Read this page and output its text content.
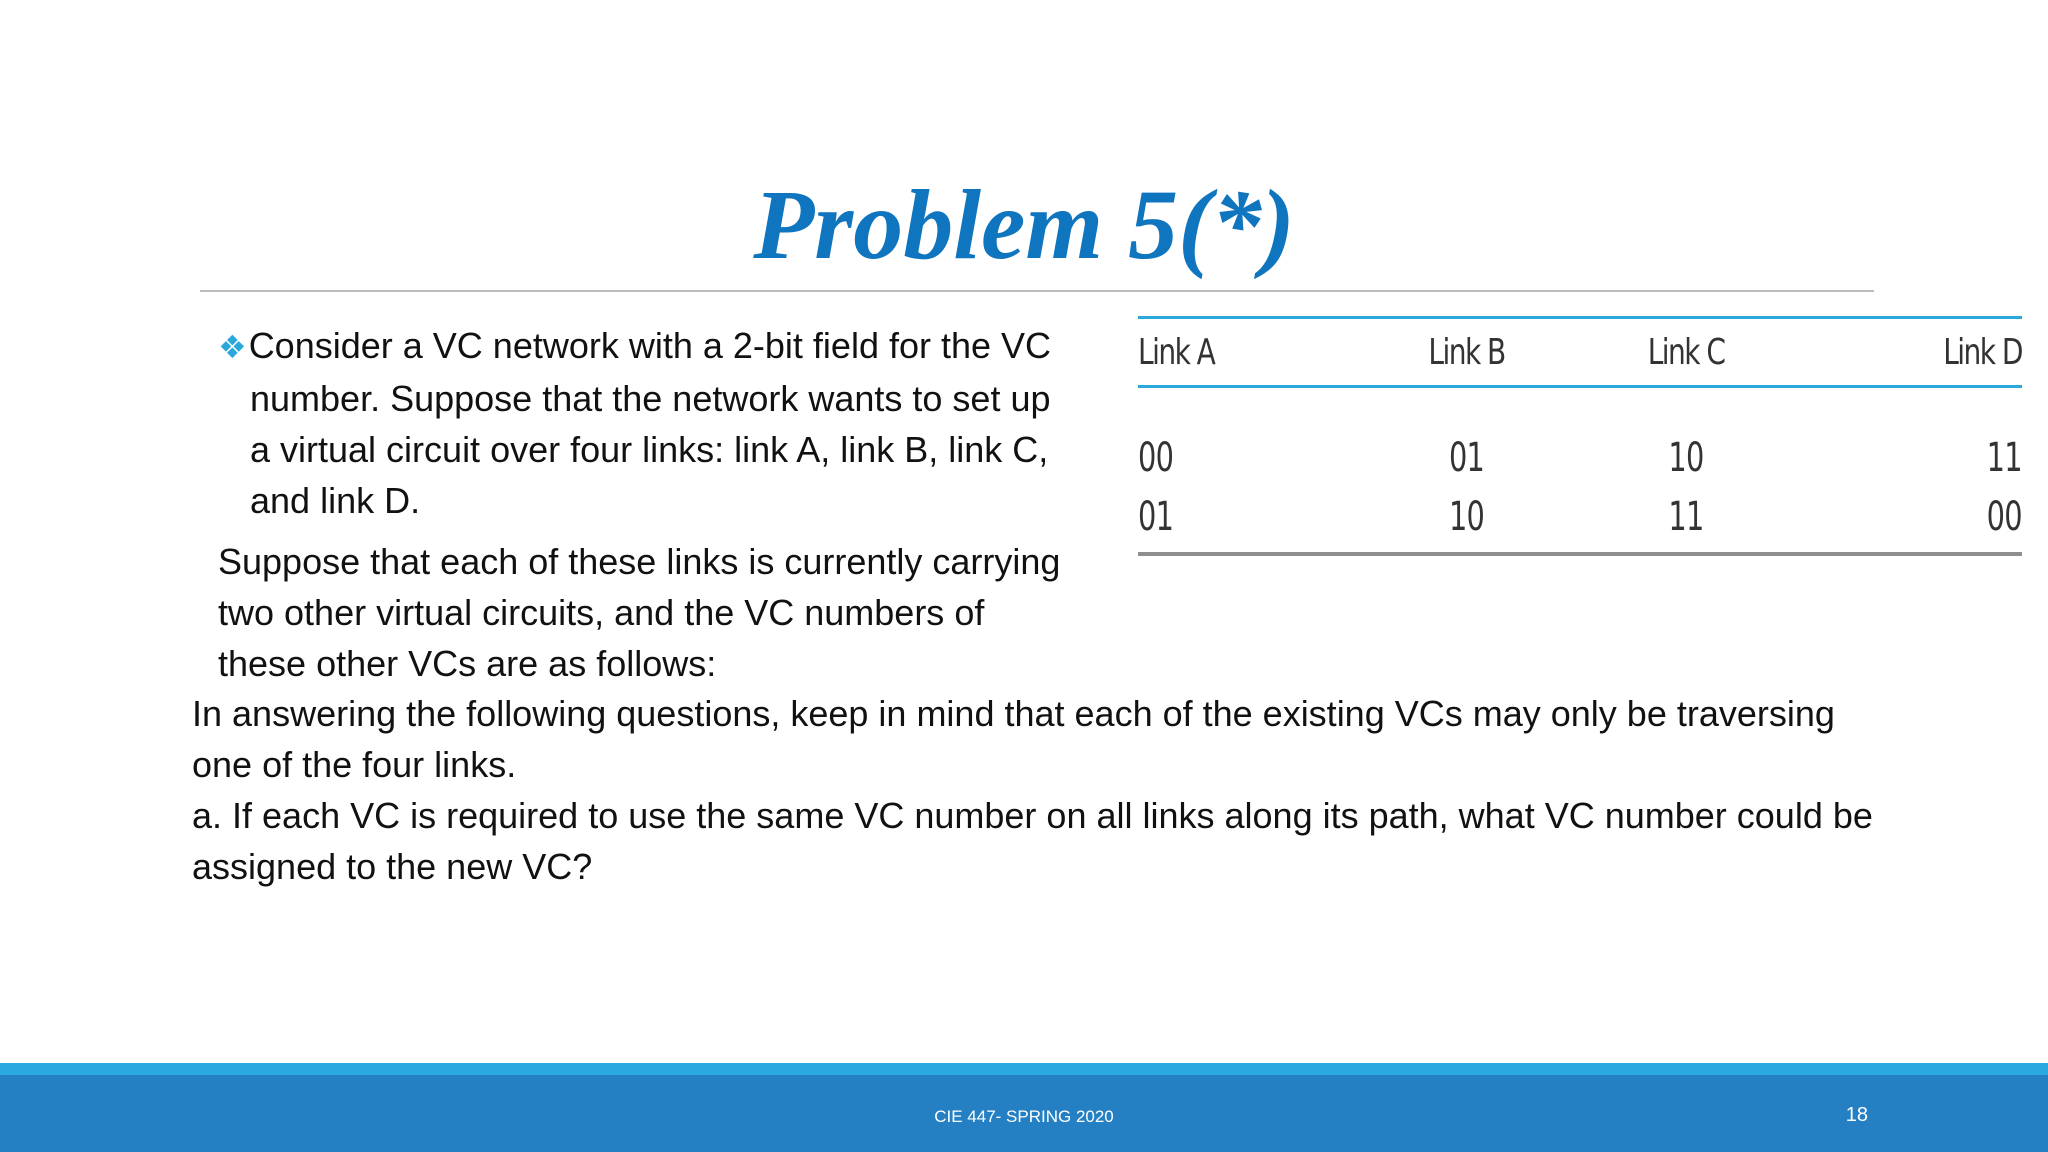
Problem 5(*)

❖Consider a VC network with a 2-bit field for the VC

number. Suppose that the network wants to set up

a virtual circuit over four links: link A, link B, link C,

and link D.

Link A	Link B	Link C	Link D
00	01	10	11
01	10	11	00

Suppose that each of these links is currently carrying

two other virtual circuits, and the VC numbers of

these other VCs are as follows:

In answering the following questions, keep in mind that each of the existing VCs may only be traversing

one of the four links.

a. If each VC is required to use the same VC number on all links along its path, what VC number could be

assigned to the new VC?

CIE 447- SPRING 2020	18
